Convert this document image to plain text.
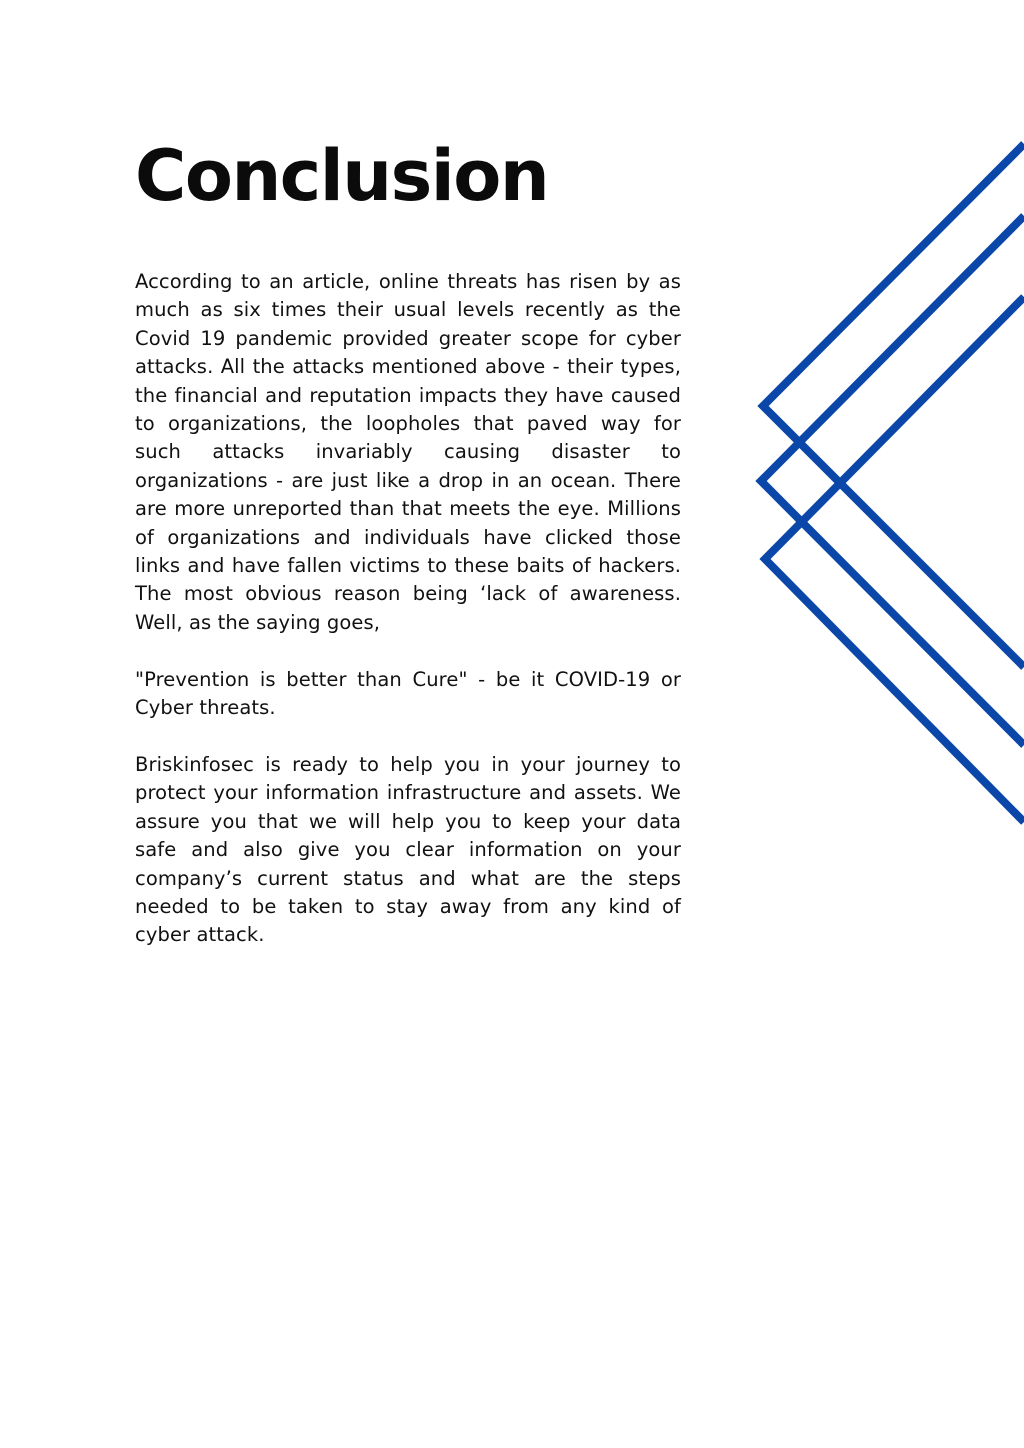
Conclusion

According to an article, online threats has risen by as much as six times their usual levels recently as the Covid 19 pandemic provided greater scope for cyber attacks. All the attacks mentioned above - their types, the financial and reputation impacts they have caused to organizations, the loopholes that paved way for such attacks invariably causing disaster to organizations - are just like a drop in an ocean. There are more unreported than that meets the eye. Millions of organizations and individuals have clicked those links and have fallen victims to these baits of hackers. The most obvious reason being ‘lack of awareness. Well, as the saying goes,

"Prevention is better than Cure" - be it COVID-19 or Cyber threats.

Briskinfosec is ready to help you in your journey to protect your information infrastructure and assets. We assure you that we will help you to keep your data safe and also give you clear information on your company’s current status and what are the steps needed to be taken to stay away from any kind of cyber attack.
